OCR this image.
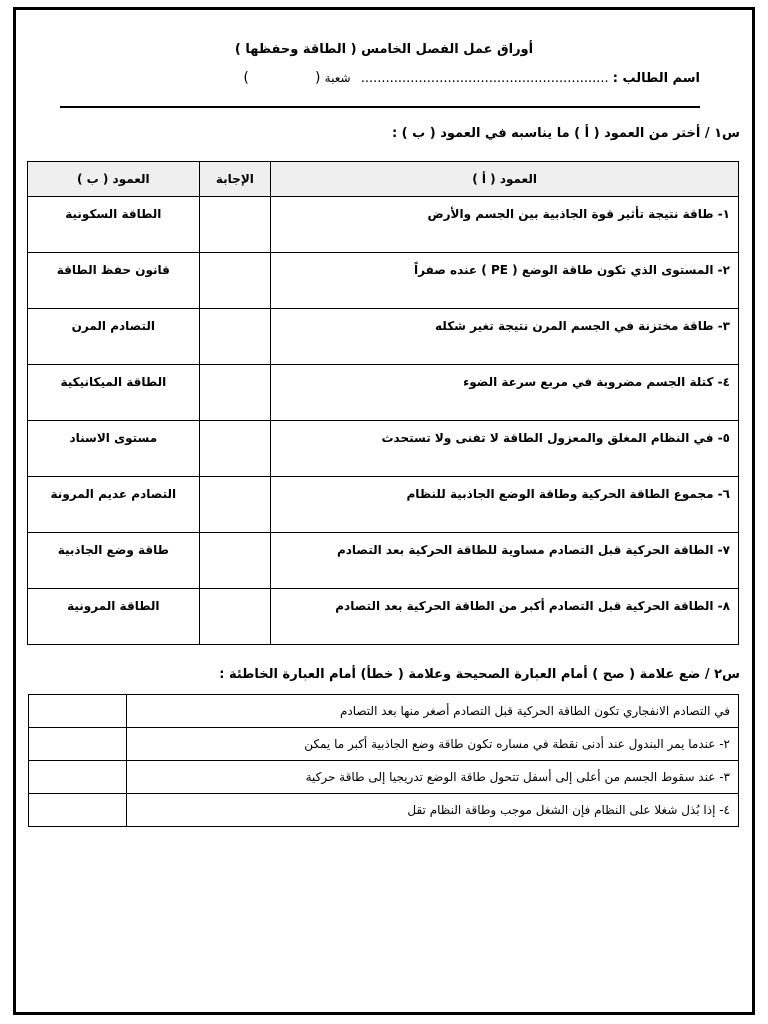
أوراق عمل الفصل الخامس ( الطاقة وحفظها )
اسم الطالب : ............................................................ شعبة (                )
س١ / أختر من العمود ( أ ) ما يناسبه في العمود ( ب ) :
العمود ( أ )	الإجابة	العمود ( ب )
١- طاقة نتيجة تأثير قوة الجاذبية بين الجسم والأرض		الطاقة السكونية
٢- المستوى الذي تكون طاقة الوضع ( PE ) عنده صفراً		قانون حفظ الطاقة
٣- طاقة مختزنة في الجسم المرن نتيجة تغير شكله		التصادم المرن
٤- كتلة الجسم مضروبة في مربع سرعة الضوء		الطاقة الميكانيكية
٥- في النظام المغلق والمعزول الطاقة لا تفنى ولا تستحدث		مستوى الاسناد
٦- مجموع الطاقة الحركية وطاقة الوضع الجاذبية للنظام		التصادم عديم المرونة
٧- الطاقة الحركية قبل التصادم مساوية للطاقة الحركية بعد التصادم		طاقة وضع الجاذبية
٨- الطاقة الحركية قبل التصادم أكبر من الطاقة الحركية بعد التصادم		الطاقة المرونية
س٢ / ضع علامة ( صح ) أمام العبارة الصحيحة وعلامة ( خطأ) أمام العبارة الخاطئة :
في التصادم الانفجاري تكون الطاقة الحركية قبل التصادم أصغر منها بعد التصادم	
٢- عندما يمر البندول عند أدنى نقطة في مساره تكون طاقة وضع الجاذبية أكبر ما يمكن	
٣- عند سقوط الجسم من أعلى إلى أسفل تتحول طاقة الوضع تدريجيا إلى طاقة حركية	
٤- إذا بُذل شغلا على النظام فإن الشغل موجب وطاقة النظام تقل	
